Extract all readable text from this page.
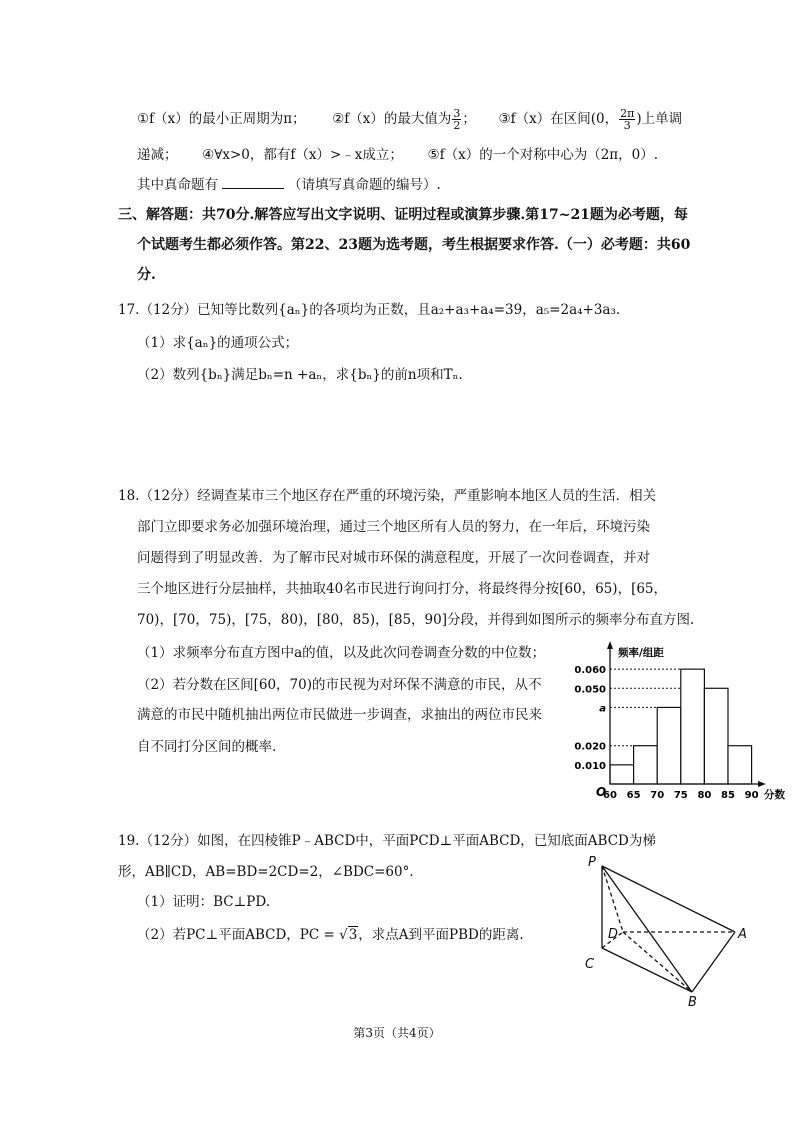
①f（x）的最小正周期为π； ②f（x）的最大值为 $\frac{3}{2}$ ； ③f（x）在区间(0， $\frac{2\pi}{3}$ )上单调
递减； ④∀x>0，都有f（x）>﹣x成立； ⑤f（x）的一个对称中心为（2π，0）.
其中真命题有	（请填写真命题的编号）.
三、解答题：共70分.解答应写出文字说明、证明过程或演算步骤.第17~21题为必考题，每
个试题考生都必须作答。第22、23题为选考题，考生根据要求作答.（一）必考题：共60
分.
17.（12分）已知等比数列{aₙ}的各项均为正数，且a₂+a₃+a₄=39，a₅=2a₄+3a₃.
（1）求{aₙ}的通项公式；
（2）数列{bₙ}满足bₙ=n +aₙ，求{bₙ}的前n项和Tₙ.
18.（12分）经调查某市三个地区存在严重的环境污染，严重影响本地区人员的生活．相关
部门立即要求务必加强环境治理，通过三个地区所有人员的努力，在一年后，环境污染
问题得到了明显改善．为了解市民对城市环保的满意程度，开展了一次问卷调查，并对
三个地区进行分层抽样，共抽取40名市民进行询问打分，将最终得分按[60，65)，[65，
70)，[70，75)，[75，80)，[80，85)，[85，90]分段，并得到如图所示的频率分布直方图.
（1）求频率分布直方图中a的值，以及此次问卷调查分数的中位数；
（2）若分数在区间[60，70)的市民视为对环保不满意的市民，从不
满意的市民中随机抽出两位市民做进一步调查，求抽出的两位市民来
自不同打分区间的概率.
0.060
0.050
a
0.020
0.010
60 65 70 75 80 85 90
O
频率/组距
分数
19.（12分）如图，在四棱锥P﹣ABCD中，平面PCD⊥平面ABCD，已知底面ABCD为梯
形，AB∥CD，AB=BD=2CD=2，∠BDC=60°．
（1）证明：BC⊥PD.
（2）若PC⊥平面ABCD，PC = √3，求点A到平面PBD的距离.
P
D	A
C
B
第3页（共4页）
